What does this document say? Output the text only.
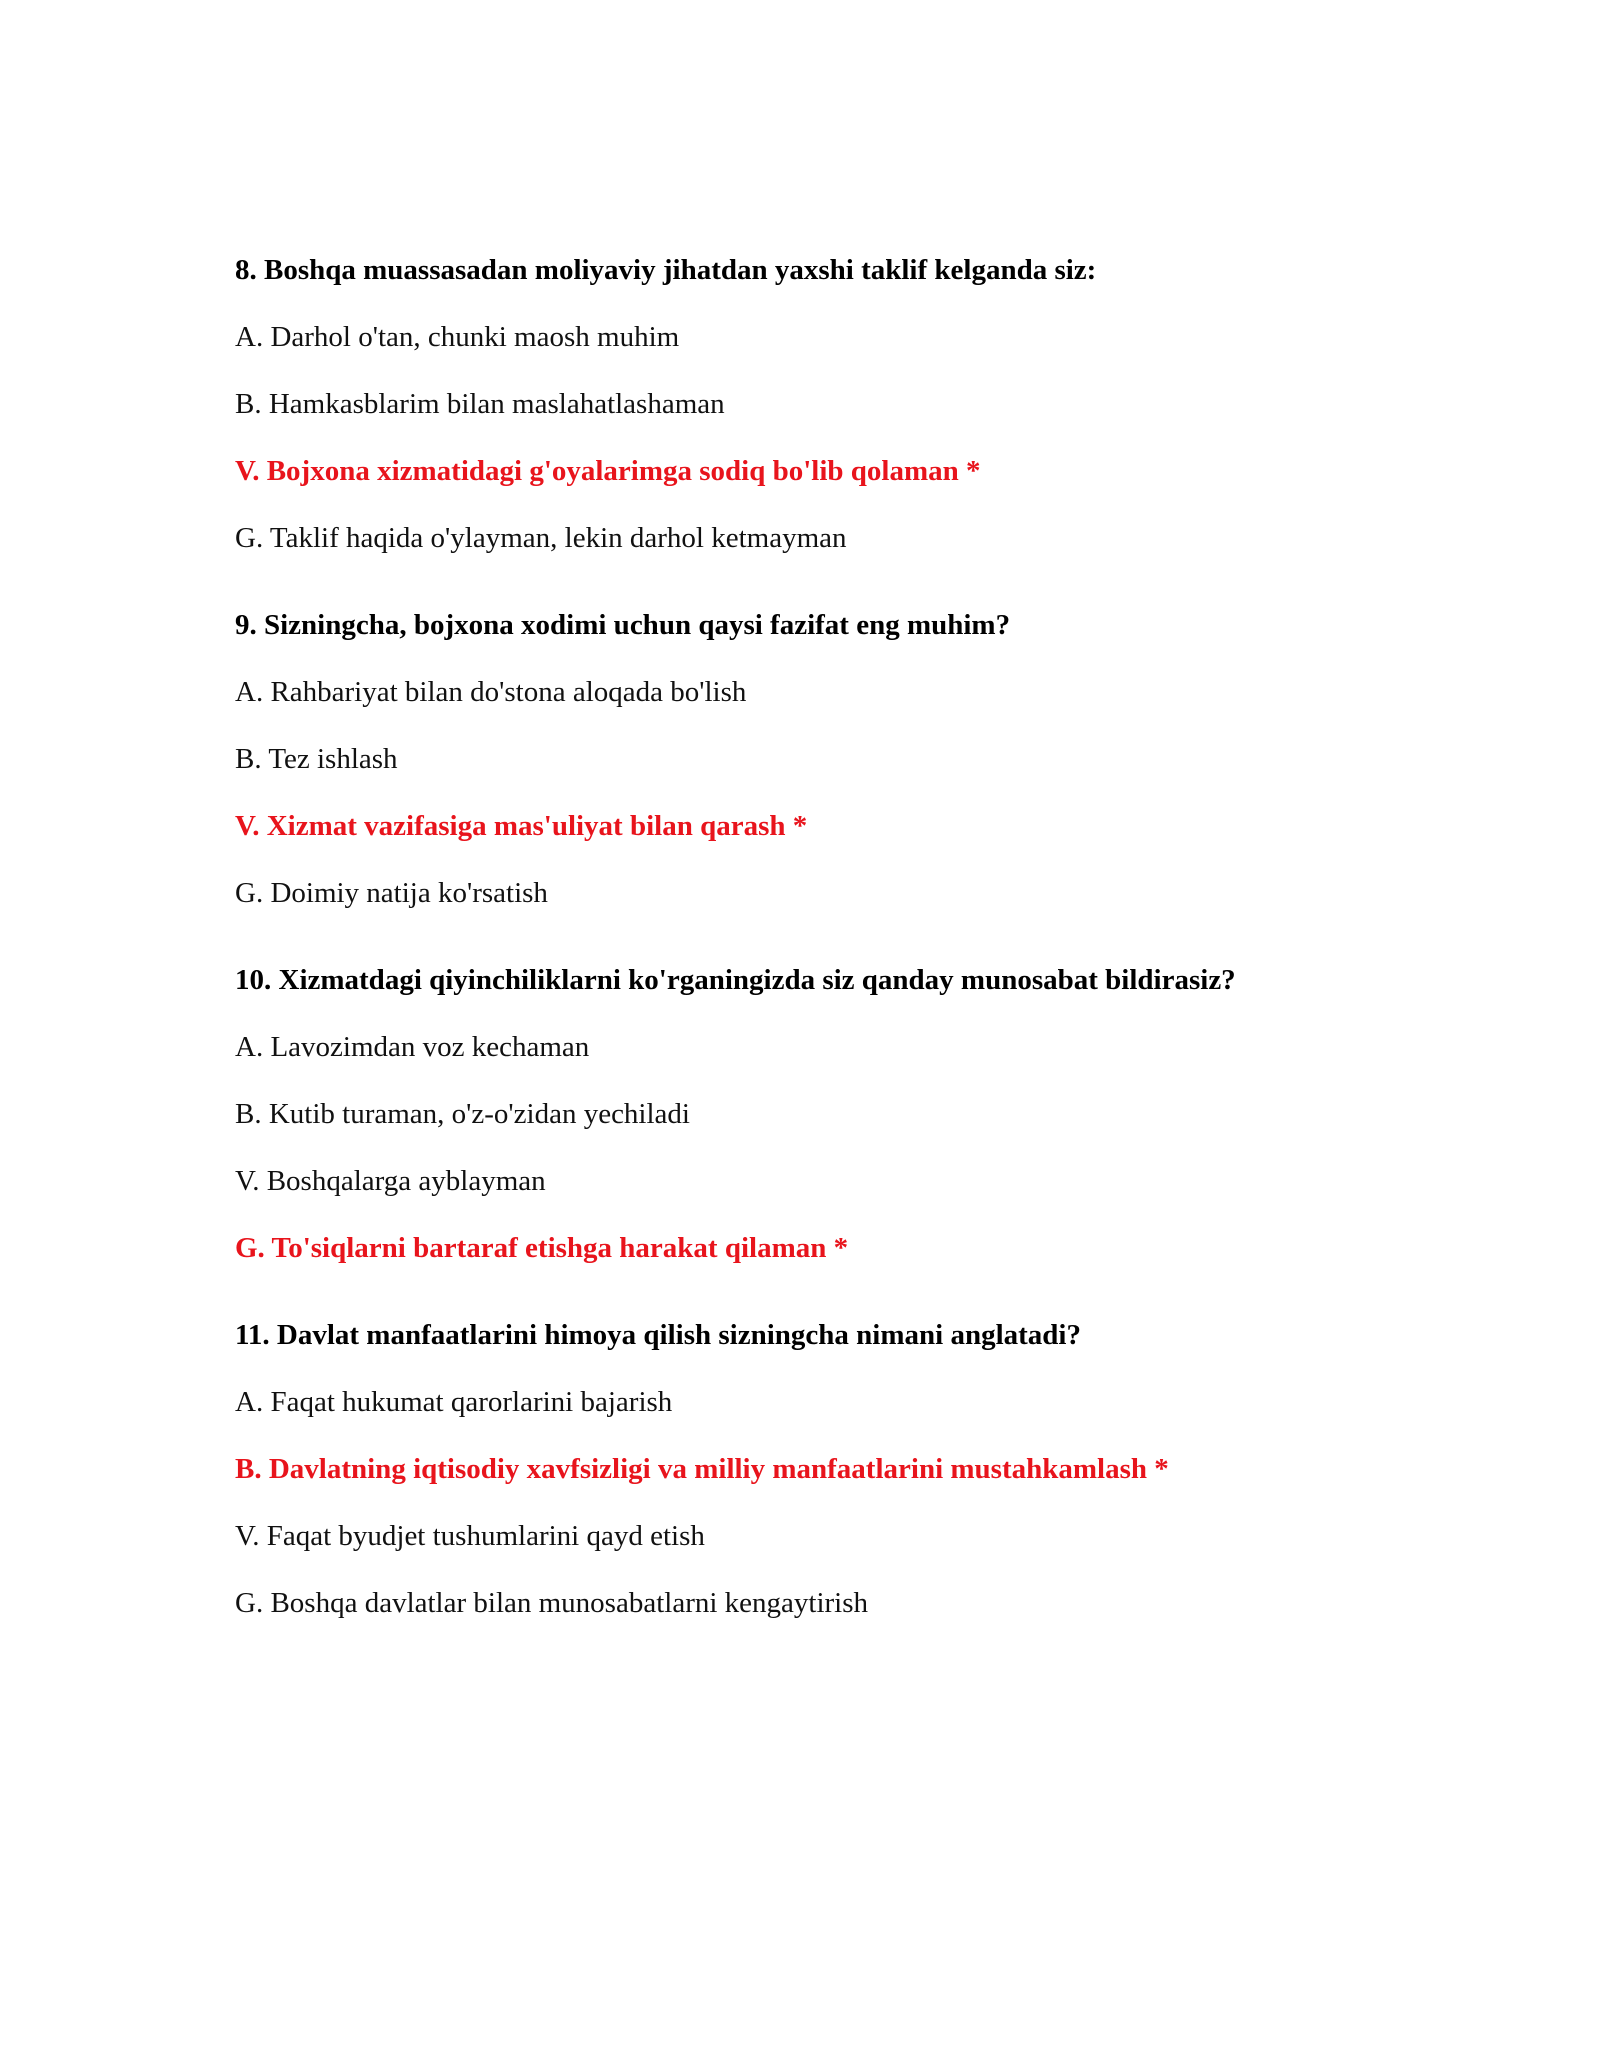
8. Boshqa muassasadan moliyaviy jihatdan yaxshi taklif kelganda siz:

A. Darhol o'tan, chunki maosh muhim
B. Hamkasblarim bilan maslahatlashaman
V. Bojxona xizmatidagi g'oyalarimga sodiq bo'lib qolaman *
G. Taklif haqida o'ylayman, lekin darhol ketmayman

9. Sizningcha, bojxona xodimi uchun qaysi fazifat eng muhim?

A. Rahbariyat bilan do'stona aloqada bo'lish
B. Tez ishlash
V. Xizmat vazifasiga mas'uliyat bilan qarash *
G. Doimiy natija ko'rsatish

10. Xizmatdagi qiyinchiliklarni ko'rganingizda siz qanday munosabat bildirasiz?

A. Lavozimdan voz kechaman
B. Kutib turaman, o'z-o'zidan yechiladi
V. Boshqalarga ayblayman
G. To'siqlarni bartaraf etishga harakat qilaman *

11. Davlat manfaatlarini himoya qilish sizningcha nimani anglatadi?

A. Faqat hukumat qarorlarini bajarish
B. Davlatning iqtisodiy xavfsizligi va milliy manfaatlarini mustahkamlash *
V. Faqat byudjet tushumlarini qayd etish
G. Boshqa davlatlar bilan munosabatlarni kengaytirish
